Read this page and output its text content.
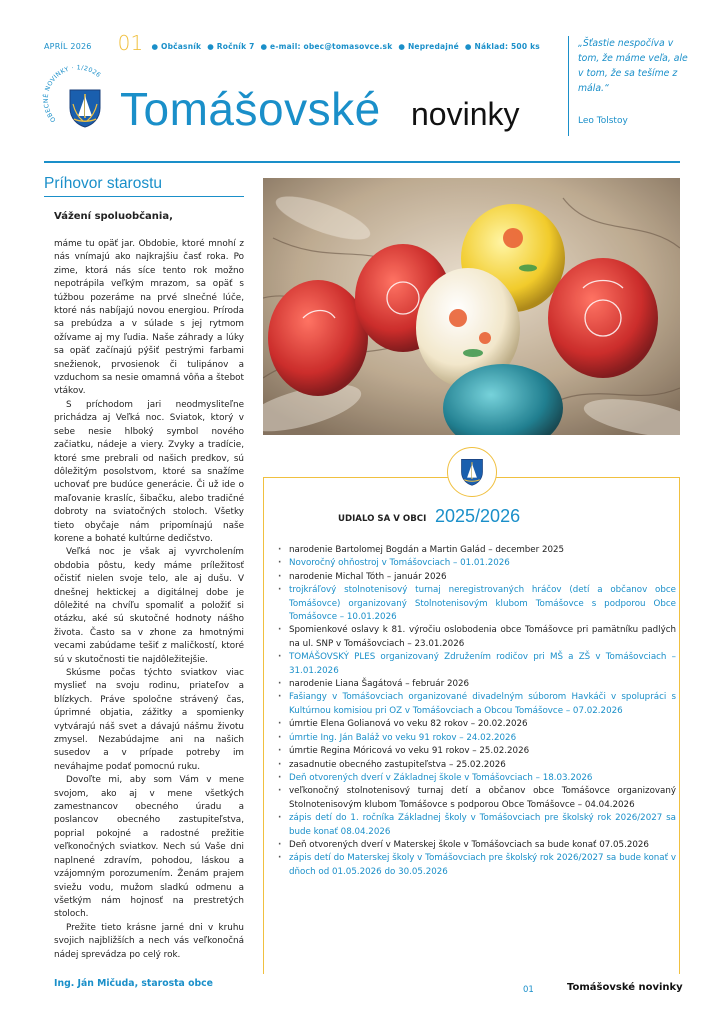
APRÍL 2026 01	● Občasník	● Ročník 7	● e-mail: obec@tomasovce.sk	● Nepredajné	● Náklad: 500 ks
OBECNÉ NOVINKY · 1/2026
Tomášovské novinky
„Šťastie nespočíva v tom, že máme veľa, ale v tom, že sa tešíme z mála.“
Leo Tolstoy
Príhovor starostu
Vážení spoluobčania,

máme tu opäť jar. Obdobie, ktoré mnohí z nás vnímajú ako najkrajšiu časť roka. Po zime, ktorá nás síce tento rok možno nepotrápila veľkým mrazom, sa opäť s túžbou pozeráme na prvé slnečné lúče, ktoré nás nabíjajú novou energiou. Príroda sa prebúdza a v súlade s jej rytmom ožívame aj my ľudia. Naše záhrady a lúky sa opäť začínajú pýšiť pestrými farbami snežienok, prvosienok či tulipánov a vzduchom sa nesie omamná vôňa a štebot vtákov.

S príchodom jari neodmysliteľne prichádza aj Veľká noc. Sviatok, ktorý v sebe nesie hlboký symbol nového začiatku, nádeje a viery. Zvyky a tradície, ktoré sme prebrali od našich predkov, sú dôležitým posolstvom, ktoré sa snažíme uchovať pre budúce generácie. Či už ide o maľovanie kraslíc, šibačku, alebo tradičné dobroty na sviatočných stoloch. Všetky tieto obyčaje nám pripomínajú naše korene a bohaté kultúrne dedičstvo.

Veľká noc je však aj vyvrcholením obdobia pôstu, kedy máme príležitosť očistiť nielen svoje telo, ale aj dušu. V dnešnej hektickej a digitálnej dobe je dôležité na chvíľu spomaliť a položiť si otázku, aké sú skutočné hodnoty nášho života. Často sa v zhone za hmotnými vecami zabúdame tešiť z maličkostí, ktoré sú v skutočnosti tie najdôležitejšie.

Skúsme počas týchto sviatkov viac myslieť na svoju rodinu, priateľov a blízkych. Práve spoločne strávený čas, úprimné objatia, zážitky a spomienky vytvárajú náš svet a dávajú nášmu životu zmysel. Nezabúdajme ani na našich susedov a v prípade potreby im neváhajme podať pomocnú ruku.

Dovoľte mi, aby som Vám v mene svojom, ako aj v mene všetkých zamestnancov obecného úradu a poslancov obecného zastupiteľstva, poprial pokojné a radostné prežitie veľkonočných sviatkov. Nech sú Vaše dni naplnené zdravím, pohodou, láskou a vzájomným porozumením. Ženám prajem sviežu vodu, mužom sladkú odmenu a všetkým nám hojnosť na prestretých stoloch.

Prežite tieto krásne jarné dni v kruhu svojich najbližších a nech vás veľkonočná nádej sprevádza po celý rok.

Ing. Ján Mičuda, starosta obce
UDIALO SA V OBCI 2025/2026
· narodenie Bartolomej Bogdán a Martin Galád – december 2025
· Novoročný ohňostroj v Tomášovciach – 01.01.2026
· narodenie Michal Tóth – január 2026
· trojkráľový stolnotenisový turnaj neregistrovaných hráčov (detí a občanov obce Tomášovce) organizovaný Stolnotenisovým klubom Tomášovce s podporou Obce Tomášovce – 10.01.2026
· Spomienkové oslavy k 81. výročiu oslobodenia obce Tomášovce pri pamätníku padlých na ul. SNP v Tomášovciach – 23.01.2026
· TOMÁŠOVSKÝ PLES organizovaný Združením rodičov pri MŠ a ZŠ v Tomášovciach – 31.01.2026
· narodenie Liana Šagátová – február 2026
· Fašiangy v Tomášovciach organizované divadelným súborom Havkáči v spolupráci s Kultúrnou komisiou pri OZ v Tomášovciach a Obcou Tomášovce – 07.02.2026
· úmrtie Elena Golianová vo veku 82 rokov – 20.02.2026
· úmrtie Ing. Ján Baláž vo veku 91 rokov – 24.02.2026
· úmrtie Regina Móricová vo veku 91 rokov – 25.02.2026
· zasadnutie obecného zastupiteľstva – 25.02.2026
· Deň otvorených dverí v Základnej škole v Tomášovciach – 18.03.2026
· veľkonočný stolnotenisový turnaj detí a občanov obce Tomášovce organizovaný Stolnotenisovým klubom Tomášovce s podporou Obce Tomášovce – 04.04.2026
· zápis detí do 1. ročníka Základnej školy v Tomášovciach pre školský rok 2026/2027 sa bude konať 08.04.2026
· Deň otvorených dverí v Materskej škole v Tomášovciach sa bude konať 07.05.2026
· zápis detí do Materskej školy v Tomášovciach pre školský rok 2026/2027 sa bude konať v dňoch od 01.05.2026 do 30.05.2026
01	Tomášovské novinky
